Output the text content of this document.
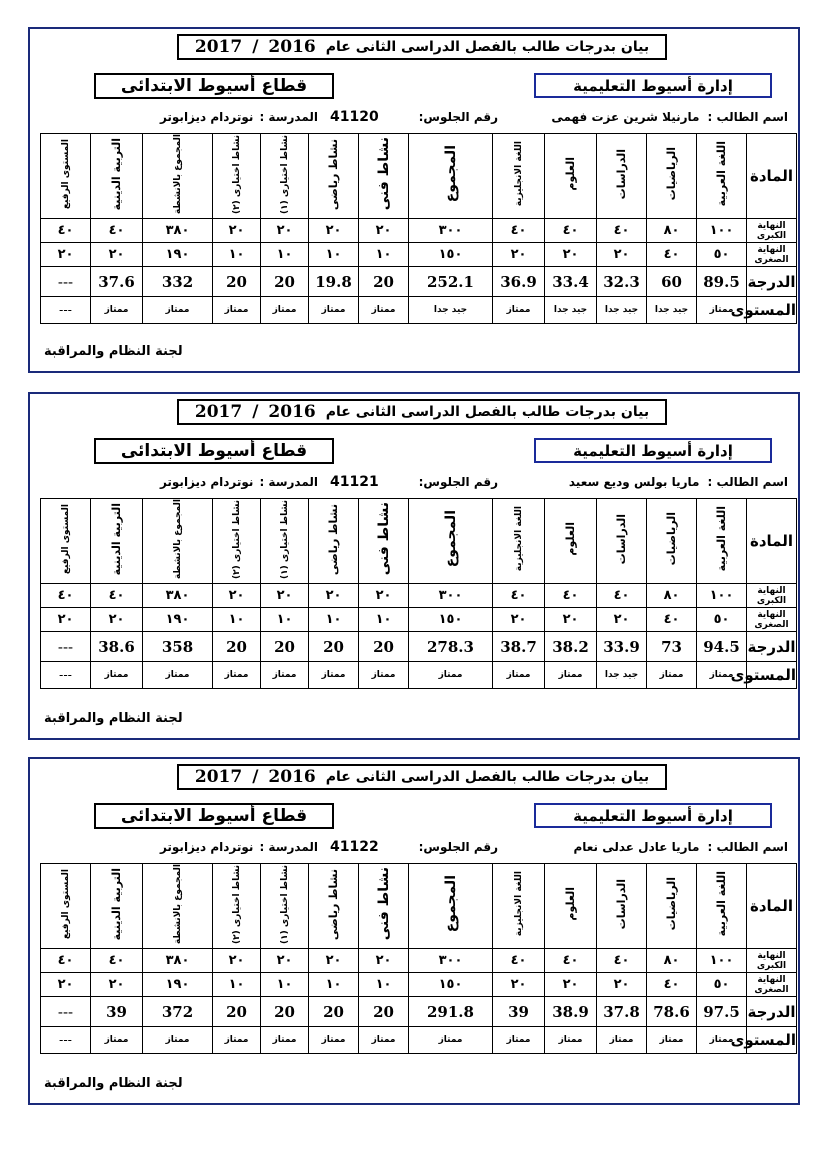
بيان بدرجات طالب بالفصل الدراسى الثانى عام
2016
/
2017
إدارة أسيوط التعليمية
قطاع أسيوط الابتدائى
اسم الطالب :
مارنيلا شرين عزت فهمى
رقم الجلوس:
41120
المدرسة :
نوتردام ديزابوتر
المادة	اللغة العربية	الرياضيات	الدراسات	العلوم	اللغة الانجليزية	المجموع	نشاط فنى	نشاط رياضى	نشاط اختيارى (١)	نشاط اختيارى (٢)	المجموع بالانشطة	التربية الدينية	المستوى الرفيع
النهاية الكبرى	١٠٠	٨٠	٤٠	٤٠	٤٠	٣٠٠	٢٠	٢٠	٢٠	٢٠	٣٨٠	٤٠	٤٠
النهاية الصغرى	٥٠	٤٠	٢٠	٢٠	٢٠	١٥٠	١٠	١٠	١٠	١٠	١٩٠	٢٠	٢٠
الدرجة	89.5	60	32.3	33.4	36.9	252.1	20	19.8	20	20	332	37.6	---
المستوى	ممتاز	جيد جدا	جيد جدا	جيد جدا	ممتاز	جيد جدا	ممتاز	ممتاز	ممتاز	ممتاز	ممتاز	ممتاز	---
لجنة النظام والمراقبة
بيان بدرجات طالب بالفصل الدراسى الثانى عام
2016
/
2017
إدارة أسيوط التعليمية
قطاع أسيوط الابتدائى
اسم الطالب :
ماريا بولس وديع سعيد
رقم الجلوس:
41121
المدرسة :
نوتردام ديزابوتر
المادة	اللغة العربية	الرياضيات	الدراسات	العلوم	اللغة الانجليزية	المجموع	نشاط فنى	نشاط رياضى	نشاط اختيارى (١)	نشاط اختيارى (٢)	المجموع بالانشطة	التربية الدينية	المستوى الرفيع
النهاية الكبرى	١٠٠	٨٠	٤٠	٤٠	٤٠	٣٠٠	٢٠	٢٠	٢٠	٢٠	٣٨٠	٤٠	٤٠
النهاية الصغرى	٥٠	٤٠	٢٠	٢٠	٢٠	١٥٠	١٠	١٠	١٠	١٠	١٩٠	٢٠	٢٠
الدرجة	94.5	73	33.9	38.2	38.7	278.3	20	20	20	20	358	38.6	---
المستوى	ممتاز	ممتاز	جيد جدا	ممتاز	ممتاز	ممتاز	ممتاز	ممتاز	ممتاز	ممتاز	ممتاز	ممتاز	---
لجنة النظام والمراقبة
بيان بدرجات طالب بالفصل الدراسى الثانى عام
2016
/
2017
إدارة أسيوط التعليمية
قطاع أسيوط الابتدائى
اسم الطالب :
ماريا عادل عدلى نعام
رقم الجلوس:
41122
المدرسة :
نوتردام ديزابوتر
المادة	اللغة العربية	الرياضيات	الدراسات	العلوم	اللغة الانجليزية	المجموع	نشاط فنى	نشاط رياضى	نشاط اختيارى (١)	نشاط اختيارى (٢)	المجموع بالانشطة	التربية الدينية	المستوى الرفيع
النهاية الكبرى	١٠٠	٨٠	٤٠	٤٠	٤٠	٣٠٠	٢٠	٢٠	٢٠	٢٠	٣٨٠	٤٠	٤٠
النهاية الصغرى	٥٠	٤٠	٢٠	٢٠	٢٠	١٥٠	١٠	١٠	١٠	١٠	١٩٠	٢٠	٢٠
الدرجة	97.5	78.6	37.8	38.9	39	291.8	20	20	20	20	372	39	---
المستوى	ممتاز	ممتاز	ممتاز	ممتاز	ممتاز	ممتاز	ممتاز	ممتاز	ممتاز	ممتاز	ممتاز	ممتاز	---
لجنة النظام والمراقبة
